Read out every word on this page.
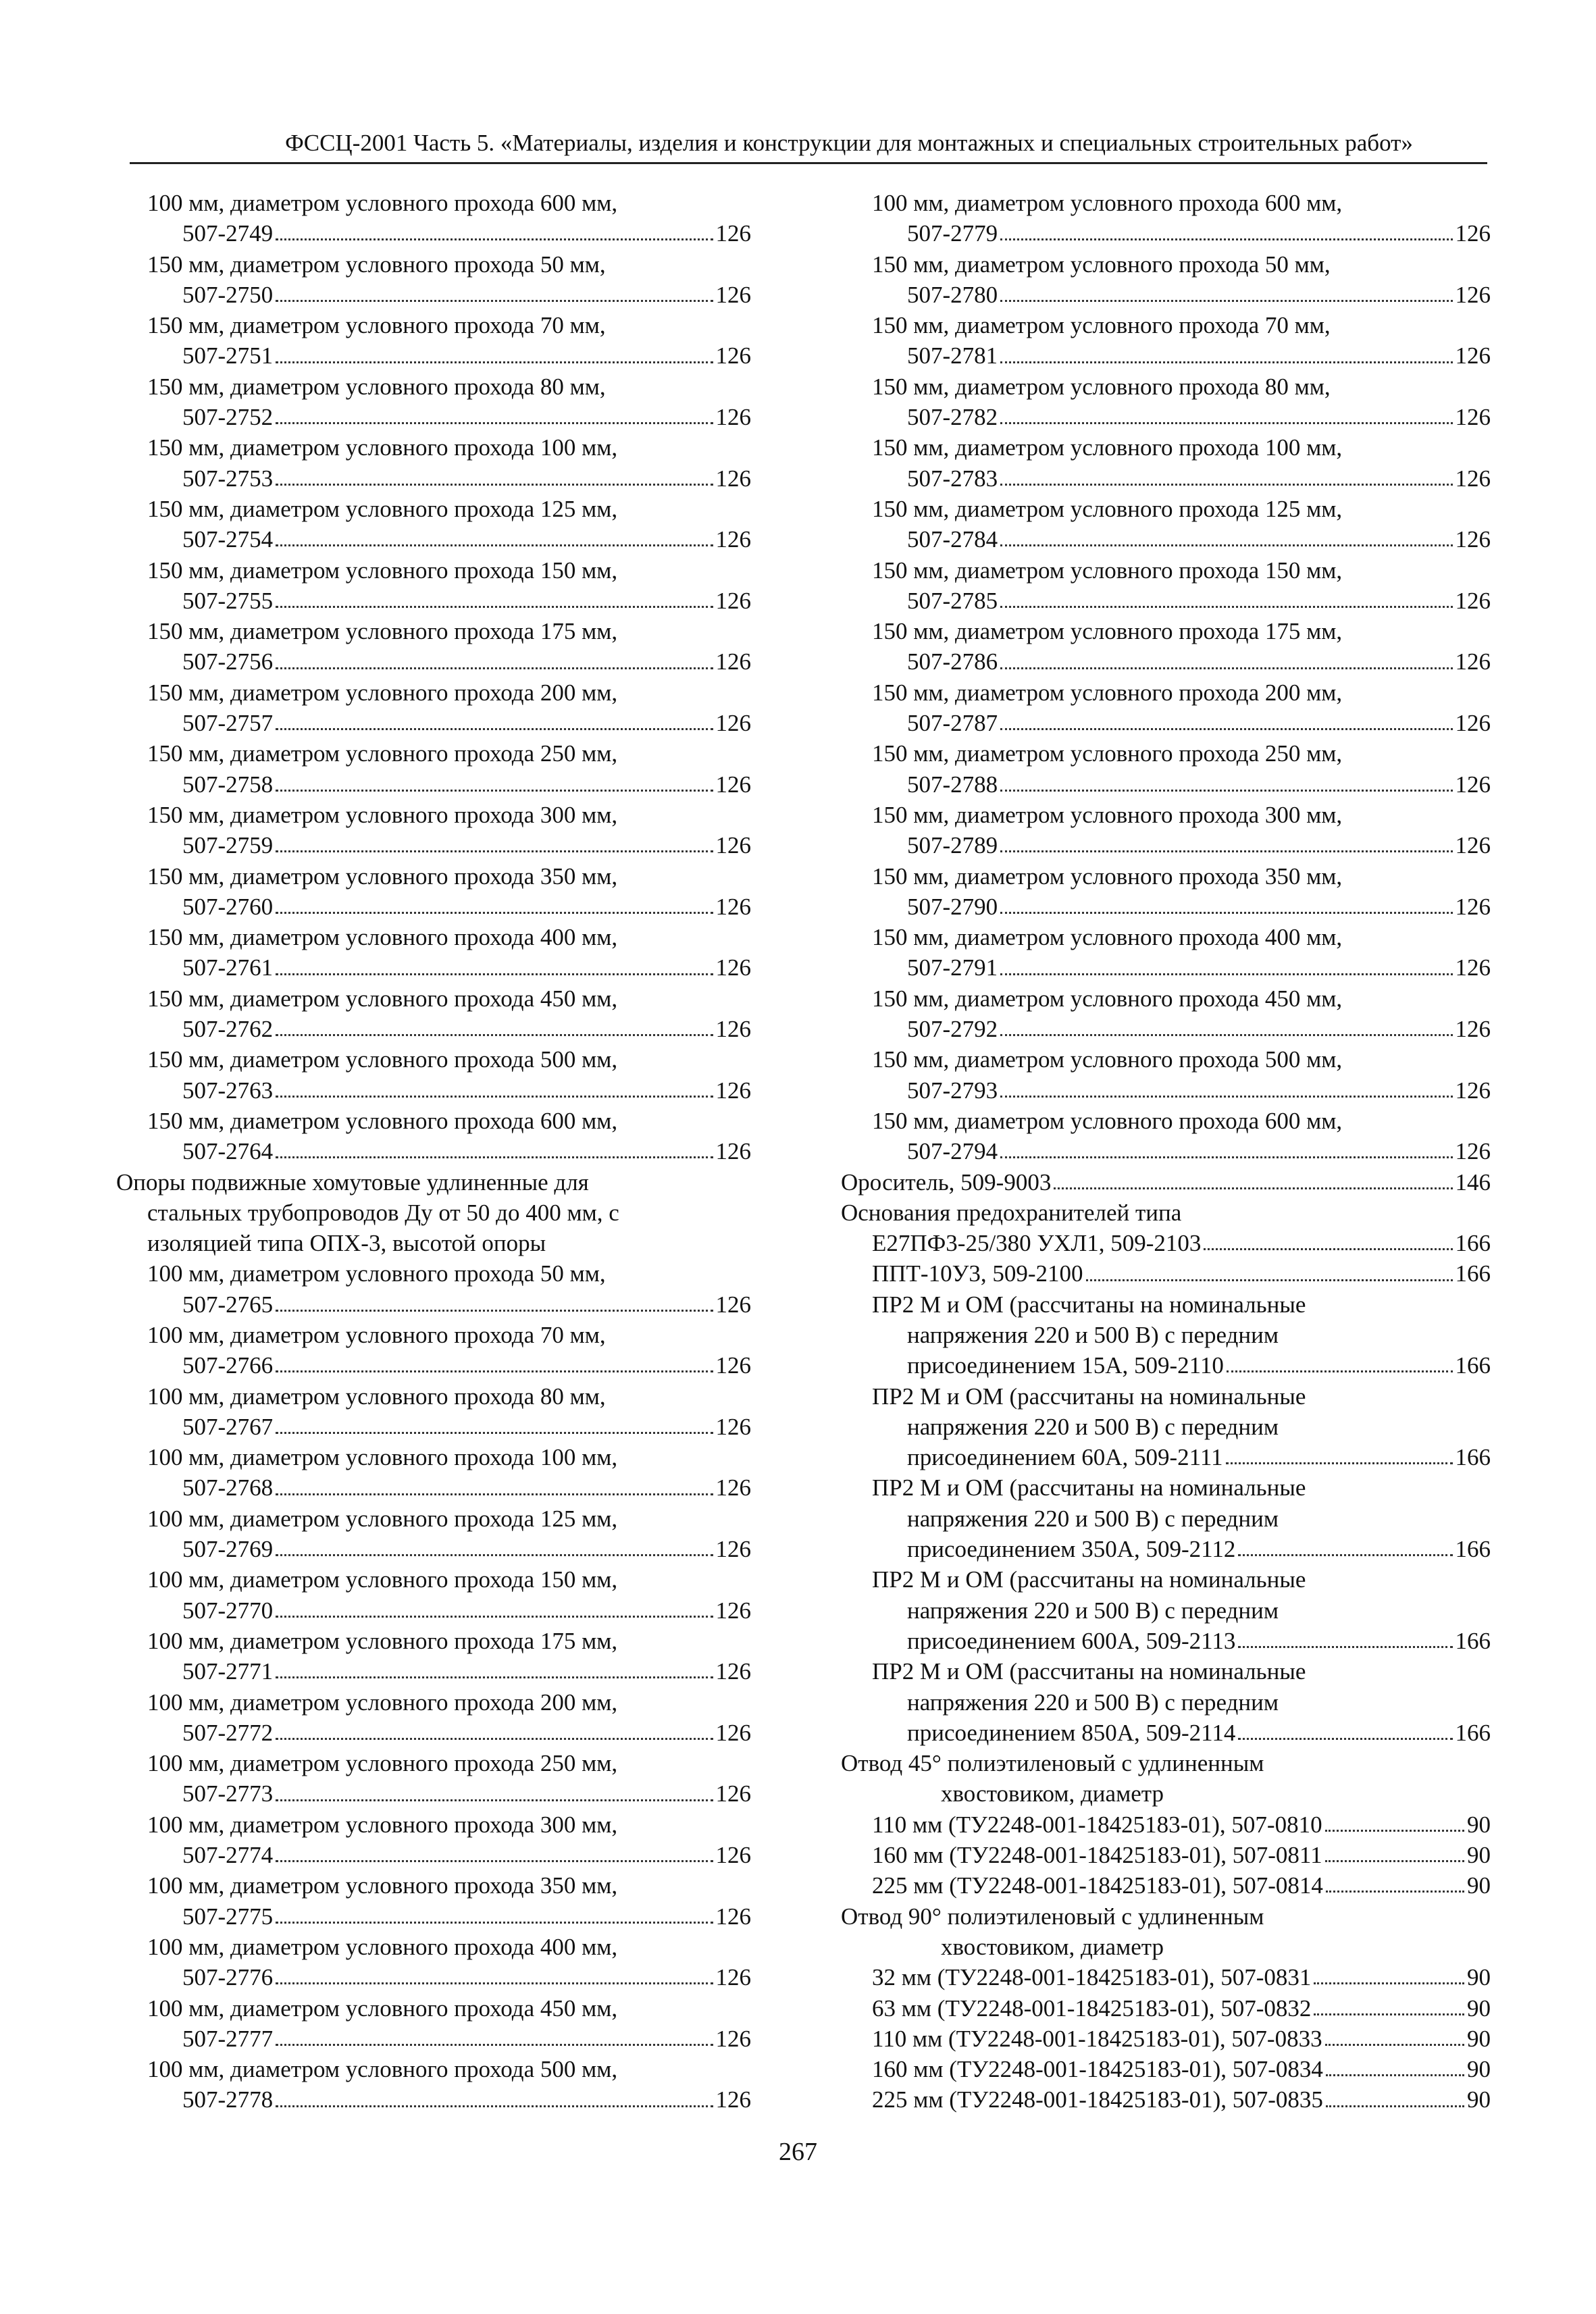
ФССЦ-2001 Часть 5. «Материалы, изделия и конструкции для монтажных и специальных строительных работ»
100 мм, диаметром условного прохода 600 мм,
507-2749	126
150 мм, диаметром условного прохода 50 мм,
507-2750	126
150 мм, диаметром условного прохода 70 мм,
507-2751	126
150 мм, диаметром условного прохода 80 мм,
507-2752	126
150 мм, диаметром условного прохода 100 мм,
507-2753	126
150 мм, диаметром условного прохода 125 мм,
507-2754	126
150 мм, диаметром условного прохода 150 мм,
507-2755	126
150 мм, диаметром условного прохода 175 мм,
507-2756	126
150 мм, диаметром условного прохода 200 мм,
507-2757	126
150 мм, диаметром условного прохода 250 мм,
507-2758	126
150 мм, диаметром условного прохода 300 мм,
507-2759	126
150 мм, диаметром условного прохода 350 мм,
507-2760	126
150 мм, диаметром условного прохода 400 мм,
507-2761	126
150 мм, диаметром условного прохода 450 мм,
507-2762	126
150 мм, диаметром условного прохода 500 мм,
507-2763	126
150 мм, диаметром условного прохода 600 мм,
507-2764	126
Опоры подвижные хомутовые удлиненные для
стальных трубопроводов Ду от 50 до 400 мм, с
изоляцией типа ОПХ-3, высотой опоры
100 мм, диаметром условного прохода 50 мм,
507-2765	126
100 мм, диаметром условного прохода 70 мм,
507-2766	126
100 мм, диаметром условного прохода 80 мм,
507-2767	126
100 мм, диаметром условного прохода 100 мм,
507-2768	126
100 мм, диаметром условного прохода 125 мм,
507-2769	126
100 мм, диаметром условного прохода 150 мм,
507-2770	126
100 мм, диаметром условного прохода 175 мм,
507-2771	126
100 мм, диаметром условного прохода 200 мм,
507-2772	126
100 мм, диаметром условного прохода 250 мм,
507-2773	126
100 мм, диаметром условного прохода 300 мм,
507-2774	126
100 мм, диаметром условного прохода 350 мм,
507-2775	126
100 мм, диаметром условного прохода 400 мм,
507-2776	126
100 мм, диаметром условного прохода 450 мм,
507-2777	126
100 мм, диаметром условного прохода 500 мм,
507-2778	126
100 мм, диаметром условного прохода 600 мм,
507-2779	126
150 мм, диаметром условного прохода 50 мм,
507-2780	126
150 мм, диаметром условного прохода 70 мм,
507-2781	126
150 мм, диаметром условного прохода 80 мм,
507-2782	126
150 мм, диаметром условного прохода 100 мм,
507-2783	126
150 мм, диаметром условного прохода 125 мм,
507-2784	126
150 мм, диаметром условного прохода 150 мм,
507-2785	126
150 мм, диаметром условного прохода 175 мм,
507-2786	126
150 мм, диаметром условного прохода 200 мм,
507-2787	126
150 мм, диаметром условного прохода 250 мм,
507-2788	126
150 мм, диаметром условного прохода 300 мм,
507-2789	126
150 мм, диаметром условного прохода 350 мм,
507-2790	126
150 мм, диаметром условного прохода 400 мм,
507-2791	126
150 мм, диаметром условного прохода 450 мм,
507-2792	126
150 мм, диаметром условного прохода 500 мм,
507-2793	126
150 мм, диаметром условного прохода 600 мм,
507-2794	126
Ороситель, 509-9003	146
Основания предохранителей типа
Е27ПФ3-25/380 УХЛ1, 509-2103	166
ППТ-10У3, 509-2100	166
ПР2 М и ОМ (рассчитаны на номинальные
напряжения 220 и 500 В) с передним
присоединением 15А, 509-2110	166
ПР2 М и ОМ (рассчитаны на номинальные
напряжения 220 и 500 В) с передним
присоединением 60А, 509-2111	166
ПР2 М и ОМ (рассчитаны на номинальные
напряжения 220 и 500 В) с передним
присоединением 350А, 509-2112	166
ПР2 М и ОМ (рассчитаны на номинальные
напряжения 220 и 500 В) с передним
присоединением 600А, 509-2113	166
ПР2 М и ОМ (рассчитаны на номинальные
напряжения 220 и 500 В) с передним
присоединением 850А, 509-2114	166
Отвод 45° полиэтиленовый с удлиненным
хвостовиком, диаметр
110 мм (ТУ2248-001-18425183-01), 507-0810	90
160 мм (ТУ2248-001-18425183-01), 507-0811	90
225 мм (ТУ2248-001-18425183-01), 507-0814	90
Отвод 90° полиэтиленовый с удлиненным
хвостовиком, диаметр
32 мм (ТУ2248-001-18425183-01), 507-0831	90
63 мм (ТУ2248-001-18425183-01), 507-0832	90
110 мм (ТУ2248-001-18425183-01), 507-0833	90
160 мм (ТУ2248-001-18425183-01), 507-0834	90
225 мм (ТУ2248-001-18425183-01), 507-0835	90
267
